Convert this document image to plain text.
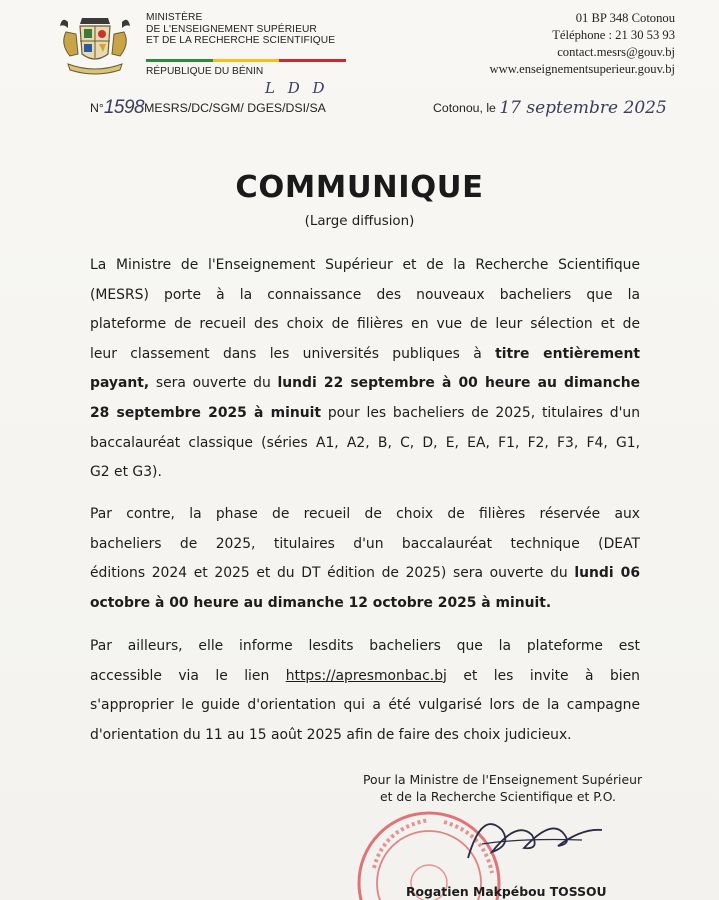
MINISTÈRE
DE L'ENSEIGNEMENT SUPÉRIEUR
ET DE LA RECHERCHE SCIENTIFIQUE
RÉPUBLIQUE DU BÉNIN
01 BP 348 Cotonou
Téléphone : 21 30 53 93
contact.mesrs@gouv.bj
www.enseignementsuperieur.gouv.bj
L D D
N°1598MESRS/DC/SGM/ DGES/DSI/SA	Cotonou, le 17 septembre 2025
COMMUNIQUE
(Large diffusion)
La Ministre de l'Enseignement Supérieur et de la Recherche Scientifique
(MESRS) porte à la connaissance des nouveaux bacheliers que la
plateforme de recueil des choix de filières en vue de leur sélection et de
leur classement dans les universités publiques à titre entièrement
payant, sera ouverte du lundi 22 septembre à 00 heure au dimanche
28 septembre 2025 à minuit pour les bacheliers de 2025, titulaires d'un
baccalauréat classique (séries A1, A2, B, C, D, E, EA, F1, F2, F3, F4, G1,
G2 et G3).
Par contre, la phase de recueil de choix de filières réservée aux
bacheliers de 2025, titulaires d'un baccalauréat technique (DEAT
éditions 2024 et 2025 et du DT édition de 2025) sera ouverte du lundi 06
octobre à 00 heure au dimanche 12 octobre 2025 à minuit.
Par ailleurs, elle informe lesdits bacheliers que la plateforme est
accessible via le lien https://apresmonbac.bj et les invite à bien
s'approprier le guide d'orientation qui a été vulgarisé lors de la campagne
d'orientation du 11 au 15 août 2025 afin de faire des choix judicieux.
Pour la Ministre de l'Enseignement Supérieur
et de la Recherche Scientifique et P.O.
Rogatien Makpébou TOSSOU
